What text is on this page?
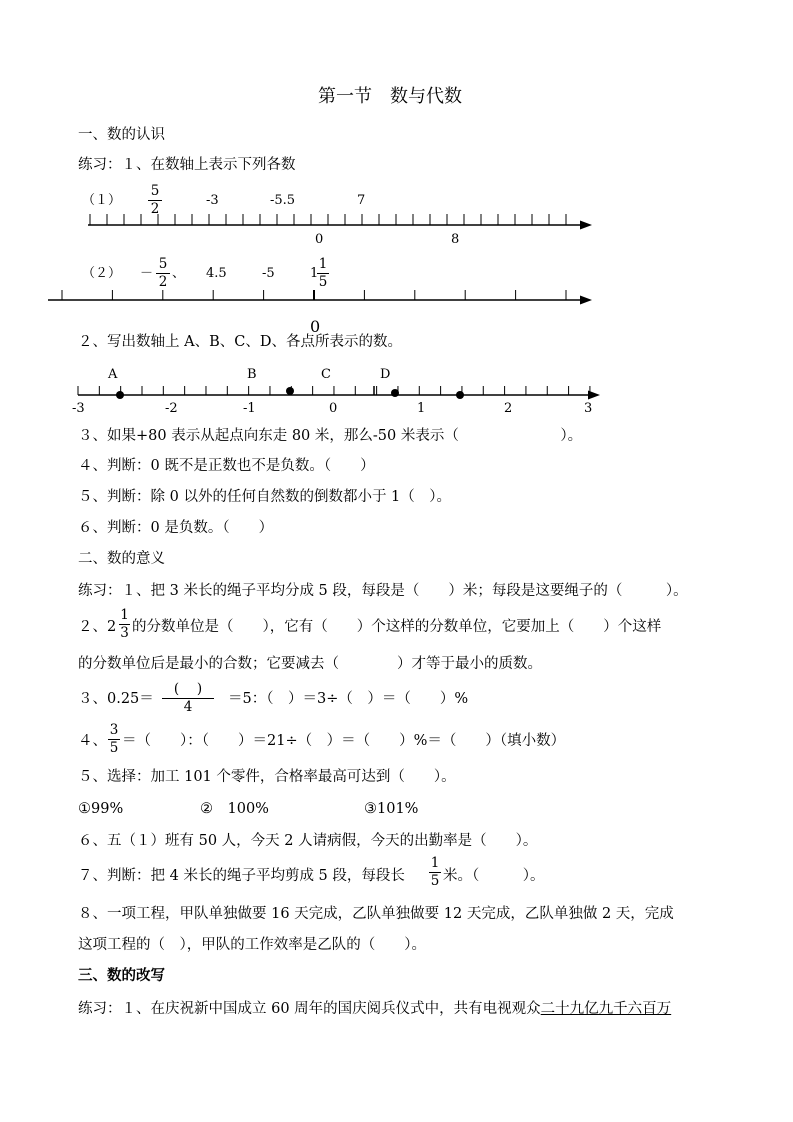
第一节　数与代数
一、数的认识
练习：１、在数轴上表示下列各数
（１）
5
2
-3	-5.5	7
0	8
（２） －
5
2
、 4.5	-5	1
1
5
0
２、写出数轴上 A、B、C、D、各点所表示的数。
A	B	C	D
-3	-2	-1	0	1	2	3
３、如果+80 表示从起点向东走 80 米，那么-50 米表示（　　　　　　　）。
４、判断：0 既不是正数也不是负数。（　　）
５、判断：除 0 以外的任何自然数的倒数都小于 1（　）。
６、判断：0 是负数。（　　）
二、数的意义
练习：１、把 3 米长的绳子平均分成 5 段，每段是（　　）米；每段是这要绳子的（　　　）。
２、2
1
3 的分数单位是（　　），它有（　　）个这样的分数单位，它要加上（　　）个这样
的分数单位后是最小的合数；它要减去（　　　　）才等于最小的质数。
３、0.25＝
(　 )
4	＝5：（　）＝3÷（　）＝（　　）%
４、
3
5 ＝（　　）：（　　）＝21÷（　）＝（　　）%＝（　　）（填小数）
５、选择：加工 101 个零件，合格率最高可达到（　　）。
①99%	②　100%	③101%
６、五（１）班有 50 人，今天 2 人请病假，今天的出勤率是（　　）。
７、判断：把 4 米长的绳子平均剪成 5 段，每段长
1
5 米。（　　　）。
８、一项工程，甲队单独做要 16 天完成，乙队单独做要 12 天完成，乙队单独做 2 天，完成
这项工程的（　），甲队的工作效率是乙队的（　　）。
三、数的改写
练习：１、在庆祝新中国成立 60 周年的国庆阅兵仪式中，共有电视观众二十九亿九千六百万
